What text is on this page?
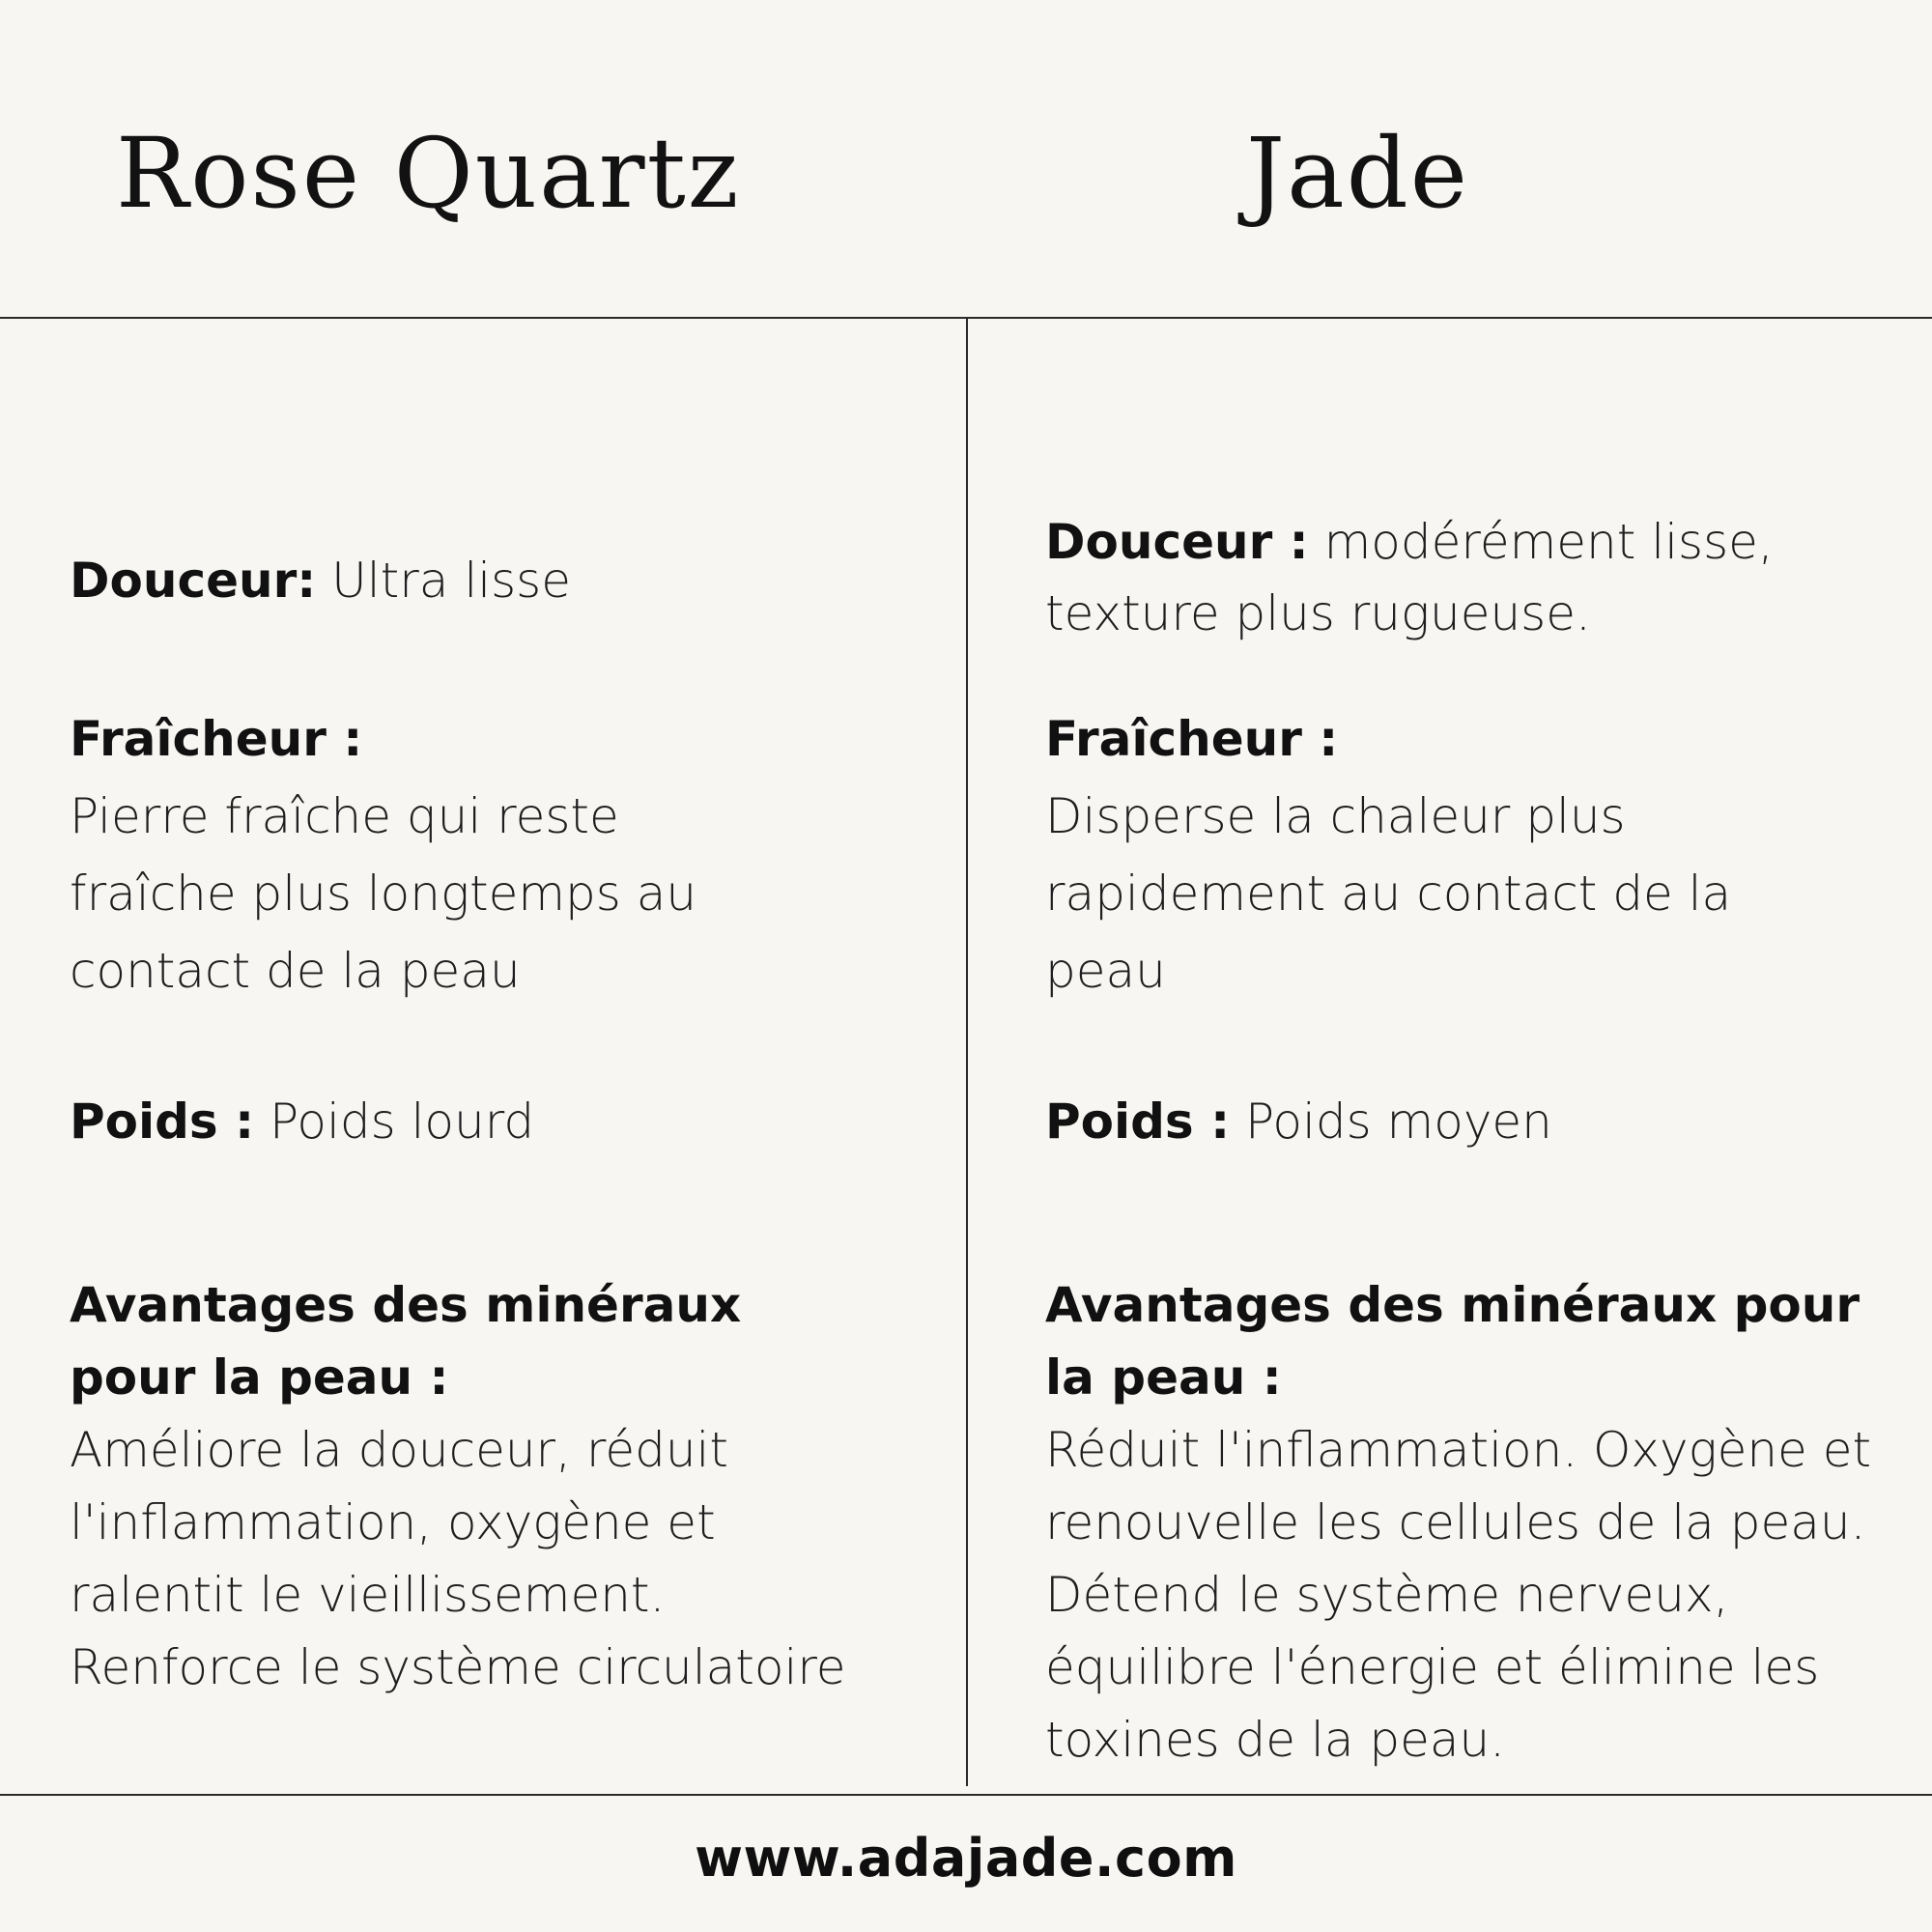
Rose Quartz	Jade
Douceur: Ultra lisse
Fraîcheur :
Pierre fraîche qui reste fraîche plus longtemps au contact de la peau
Poids : Poids lourd
Avantages des minéraux pour la peau :
Améliore la douceur, réduit l'inflammation, oxygène et ralentit le vieillissement. Renforce le système circulatoire
Douceur : modérément lisse, texture plus rugueuse.
Fraîcheur :
Disperse la chaleur plus rapidement au contact de la peau
Poids : Poids moyen
Avantages des minéraux pour la peau :
Réduit l'inflammation. Oxygène et renouvelle les cellules de la peau. Détend le système nerveux, équilibre l'énergie et élimine les toxines de la peau.
www.adajade.com
